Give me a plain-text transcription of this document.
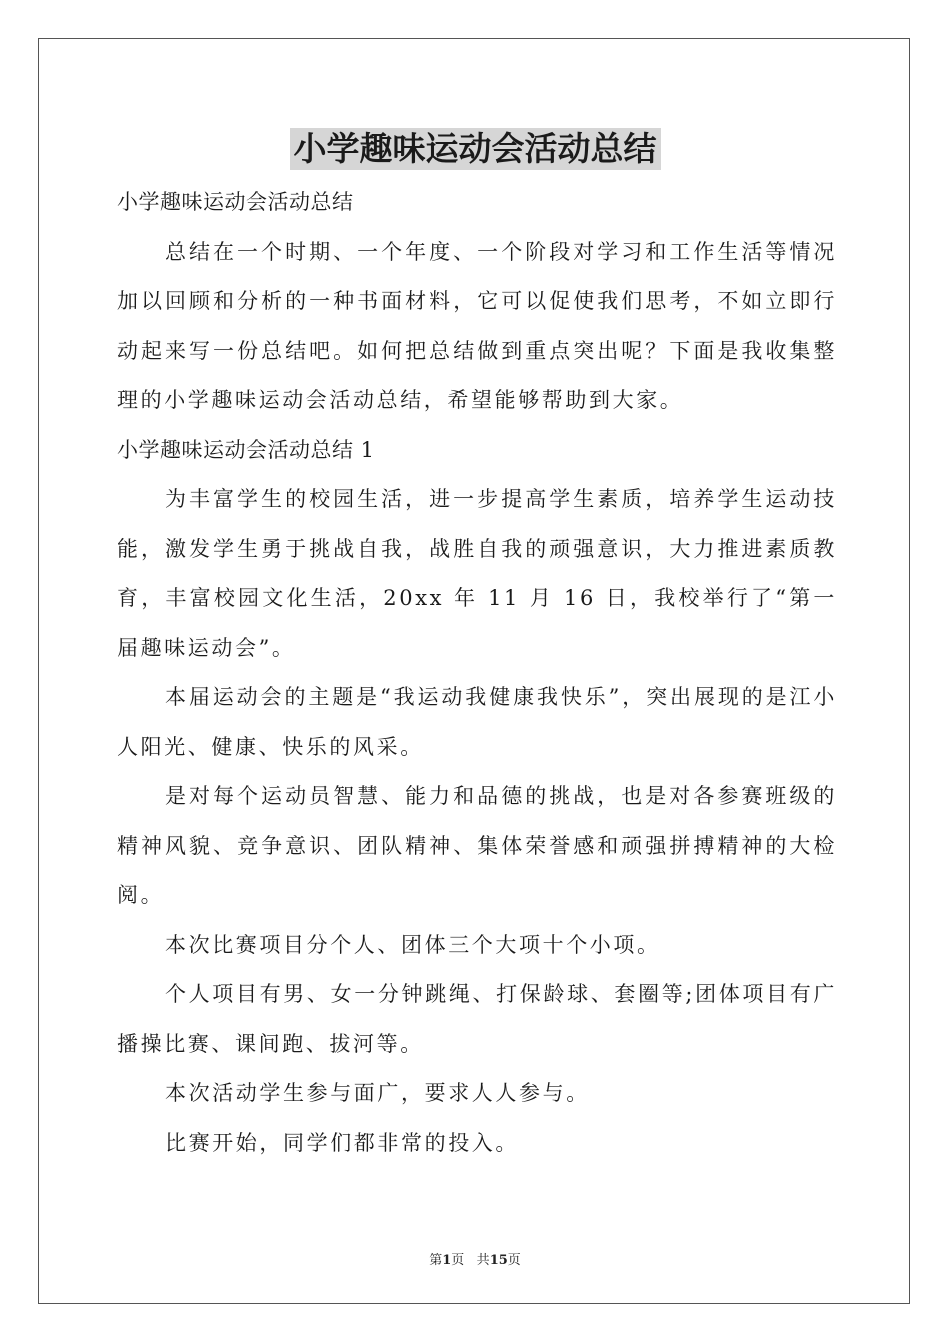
小学趣味运动会活动总结

小学趣味运动会活动总结

总结在一个时期、一个年度、一个阶段对学习和工作生活等情况加以回顾和分析的一种书面材料，它可以促使我们思考，不如立即行动起来写一份总结吧。如何把总结做到重点突出呢？下面是我收集整理的小学趣味运动会活动总结，希望能够帮助到大家。

小学趣味运动会活动总结 1

为丰富学生的校园生活，进一步提高学生素质，培养学生运动技能，激发学生勇于挑战自我，战胜自我的顽强意识，大力推进素质教育，丰富校园文化生活，20xx 年 11 月 16 日，我校举行了“第一届趣味运动会”。

本届运动会的主题是“我运动我健康我快乐”，突出展现的是江小人阳光、健康、快乐的风采。

是对每个运动员智慧、能力和品德的挑战，也是对各参赛班级的精神风貌、竞争意识、团队精神、集体荣誉感和顽强拼搏精神的大检阅。

本次比赛项目分个人、团体三个大项十个小项。

个人项目有男、女一分钟跳绳、打保龄球、套圈等;团体项目有广播操比赛、课间跑、拔河等。

本次活动学生参与面广，要求人人参与。

比赛开始，同学们都非常的投入。

第1页 共15页
